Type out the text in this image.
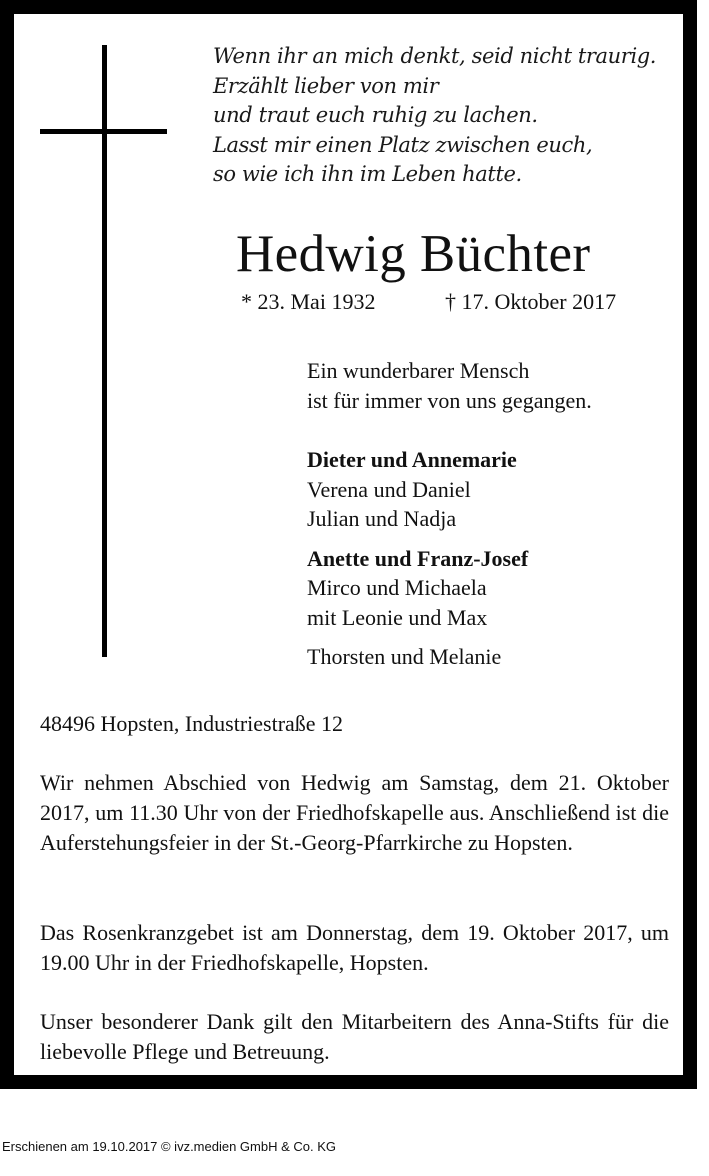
Wenn ihr an mich denkt, seid nicht traurig.
Erzählt lieber von mir
und traut euch ruhig zu lachen.
Lasst mir einen Platz zwischen euch,
so wie ich ihn im Leben hatte.
Hedwig Büchter
* 23. Mai 1932	† 17. Oktober 2017
Ein wunderbarer Mensch
ist für immer von uns gegangen.
Dieter und Annemarie
Verena und Daniel
Julian und Nadja
Anette und Franz-Josef
Mirco und Michaela
mit Leonie und Max
Thorsten und Melanie
48496 Hopsten, Industriestraße 12

Wir nehmen Abschied von Hedwig am Samstag, dem 21. Oktober 2017, um 11.30 Uhr von der Friedhofskapelle aus. Anschließend ist die Auferstehungsfeier in der St.-Georg-Pfarrkirche zu Hopsten.

Das Rosenkranzgebet ist am Donnerstag, dem 19. Oktober 2017, um 19.00 Uhr in der Friedhofskapelle, Hopsten.

Unser besonderer Dank gilt den Mitarbeitern des Anna-Stifts für die liebevolle Pflege und Betreuung.

Erschienen am 19.10.2017 © ivz.medien GmbH & Co. KG
